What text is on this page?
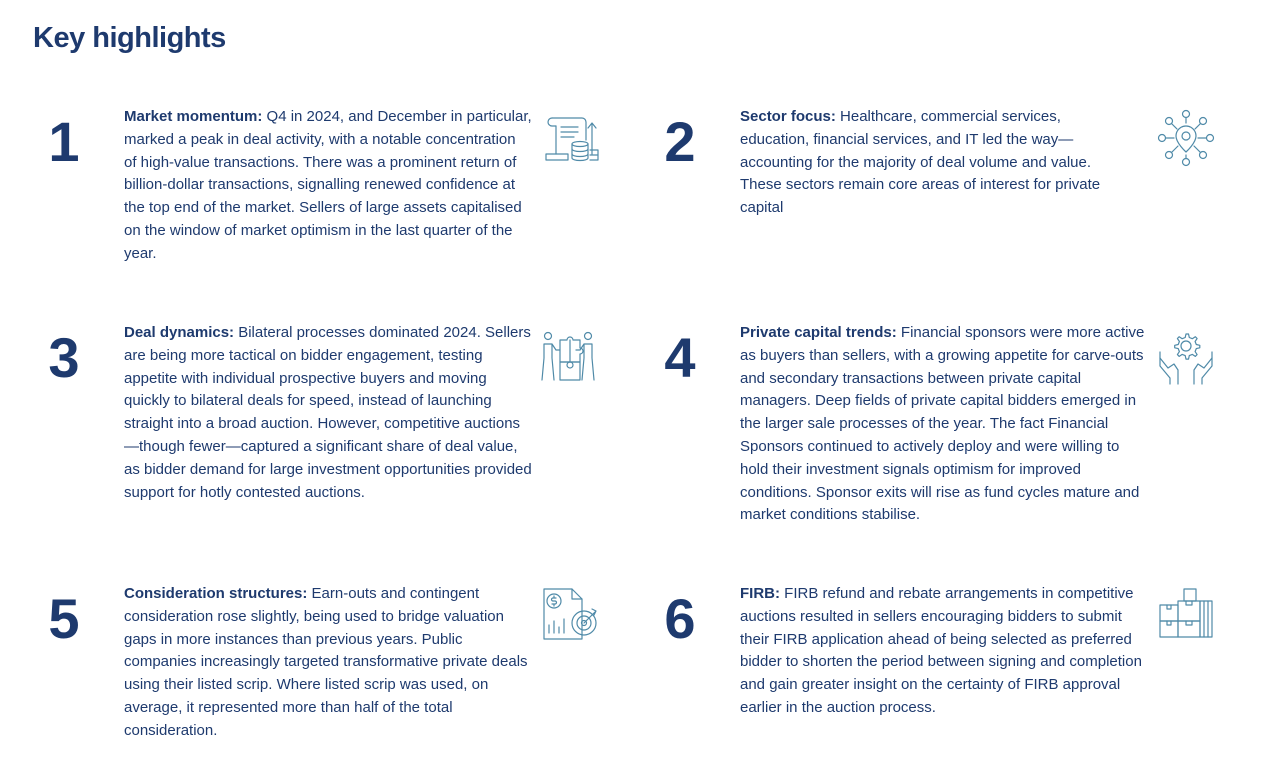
Key highlights
1	Market momentum: Q4 in 2024, and December in particular, marked a peak in deal activity, with a notable concentration of high-value transactions. There was a prominent return of billion-dollar transactions, signalling renewed confidence at the top end of the market. Sellers of large assets capitalised on the window of market optimism in the last quarter of the year.

2	Sector focus: Healthcare, commercial services, education, financial services, and IT led the way—accounting for the majority of deal volume and value. These sectors remain core areas of interest for private capital

3	Deal dynamics: Bilateral processes dominated 2024. Sellers are being more tactical on bidder engagement, testing appetite with individual prospective buyers and moving quickly to bilateral deals for speed, instead of launching straight into a broad auction. However, competitive auctions—though fewer—captured a significant share of deal value, as bidder demand for large investment opportunities provided support for hotly contested auctions.

4	Private capital trends: Financial sponsors were more active as buyers than sellers, with a growing appetite for carve-outs and secondary transactions between private capital managers. Deep fields of private capital bidders emerged in the larger sale processes of the year. The fact Financial Sponsors continued to actively deploy and were willing to hold their investment signals optimism for improved conditions. Sponsor exits will rise as fund cycles mature and market conditions stabilise.

5	Consideration structures: Earn-outs and contingent consideration rose slightly, being used to bridge valuation gaps in more instances than previous years. Public companies increasingly targeted transformative private deals using their listed scrip. Where listed scrip was used, on average, it represented more than half of the total consideration.

6	FIRB: FIRB refund and rebate arrangements in competitive auctions resulted in sellers encouraging bidders to submit their FIRB application ahead of being selected as preferred bidder to shorten the period between signing and completion and gain greater insight on the certainty of FIRB approval earlier in the auction process.
